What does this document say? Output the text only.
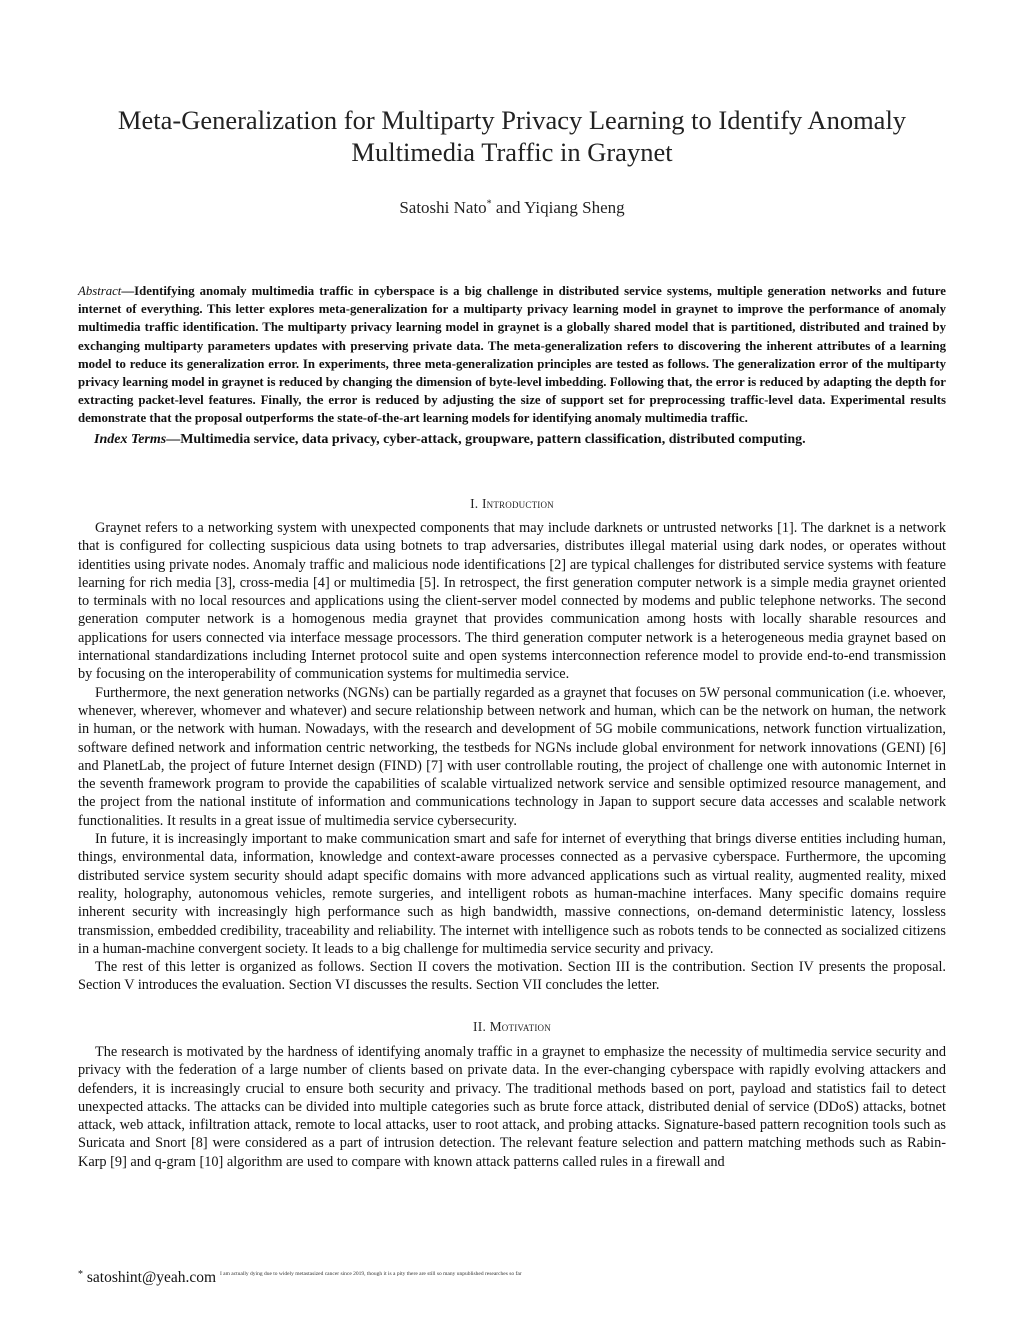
Meta-Generalization for Multiparty Privacy Learning to Identify Anomaly Multimedia Traffic in Graynet
Satoshi Nato* and Yiqiang Sheng
Abstract—Identifying anomaly multimedia traffic in cyberspace is a big challenge in distributed service systems, multiple generation networks and future internet of everything. This letter explores meta-generalization for a multiparty privacy learning model in graynet to improve the performance of anomaly multimedia traffic identification. The multiparty privacy learning model in graynet is a globally shared model that is partitioned, distributed and trained by exchanging multiparty parameters updates with preserving private data. The meta-generalization refers to discovering the inherent attributes of a learning model to reduce its generalization error. In experiments, three meta-generalization principles are tested as follows. The generalization error of the multiparty privacy learning model in graynet is reduced by changing the dimension of byte-level imbedding. Following that, the error is reduced by adapting the depth for extracting packet-level features. Finally, the error is reduced by adjusting the size of support set for preprocessing traffic-level data. Experimental results demonstrate that the proposal outperforms the state-of-the-art learning models for identifying anomaly multimedia traffic.
Index Terms—Multimedia service, data privacy, cyber-attack, groupware, pattern classification, distributed computing.
I. Introduction

Graynet refers to a networking system with unexpected components that may include darknets or untrusted networks [1]. The darknet is a network that is configured for collecting suspicious data using botnets to trap adversaries, distributes illegal material using dark nodes, or operates without identities using private nodes. Anomaly traffic and malicious node identifications [2] are typical challenges for distributed service systems with feature learning for rich media [3], cross-media [4] or multimedia [5]. In retrospect, the first generation computer network is a simple media graynet oriented to terminals with no local resources and applications using the client-server model connected by modems and public telephone networks. The second generation computer network is a homogenous media graynet that provides communication among hosts with locally sharable resources and applications for users connected via interface message processors. The third generation computer network is a heterogeneous media graynet based on international standardizations including Internet protocol suite and open systems interconnection reference model to provide end-to-end transmission by focusing on the interoperability of communication systems for multimedia service.

Furthermore, the next generation networks (NGNs) can be partially regarded as a graynet that focuses on 5W personal communication (i.e. whoever, whenever, wherever, whomever and whatever) and secure relationship between network and human, which can be the network on human, the network in human, or the network with human. Nowadays, with the research and development of 5G mobile communications, network function virtualization, software defined network and information centric networking, the testbeds for NGNs include global environment for network innovations (GENI) [6] and PlanetLab, the project of future Internet design (FIND) [7] with user controllable routing, the project of challenge one with autonomic Internet in the seventh framework program to provide the capabilities of scalable virtualized network service and sensible optimized resource management, and the project from the national institute of information and communications technology in Japan to support secure data accesses and scalable network functionalities. It results in a great issue of multimedia service cybersecurity.

In future, it is increasingly important to make communication smart and safe for internet of everything that brings diverse entities including human, things, environmental data, information, knowledge and context-aware processes connected as a pervasive cyberspace. Furthermore, the upcoming distributed service system security should adapt specific domains with more advanced applications such as virtual reality, augmented reality, mixed reality, holography, autonomous vehicles, remote surgeries, and intelligent robots as human-machine interfaces. Many specific domains require inherent security with increasingly high performance such as high bandwidth, massive connections, on-demand deterministic latency, lossless transmission, embedded credibility, traceability and reliability. The internet with intelligence such as robots tends to be connected as socialized citizens in a human-machine convergent society. It leads to a big challenge for multimedia service security and privacy.

The rest of this letter is organized as follows. Section II covers the motivation. Section III is the contribution. Section IV presents the proposal. Section V introduces the evaluation. Section VI discusses the results. Section VII concludes the letter.

II. Motivation

The research is motivated by the hardness of identifying anomaly traffic in a graynet to emphasize the necessity of multimedia service security and privacy with the federation of a large number of clients based on private data. In the ever-changing cyberspace with rapidly evolving attackers and defenders, it is increasingly crucial to ensure both security and privacy. The traditional methods based on port, payload and statistics fail to detect unexpected attacks. The attacks can be divided into multiple categories such as brute force attack, distributed denial of service (DDoS) attacks, botnet attack, web attack, infiltration attack, remote to local attacks, user to root attack, and probing attacks. Signature-based pattern recognition tools such as Suricata and Snort [8] were considered as a part of intrusion detection. The relevant feature selection and pattern matching methods such as Rabin-Karp [9] and q-gram [10] algorithm are used to compare with known attack patterns called rules in a firewall and

* satoshint@yeah.com $^{I am actually dying due to widely metastasized cancer since 2019, though it is a pity there are still so many unpublished researches so far}$
